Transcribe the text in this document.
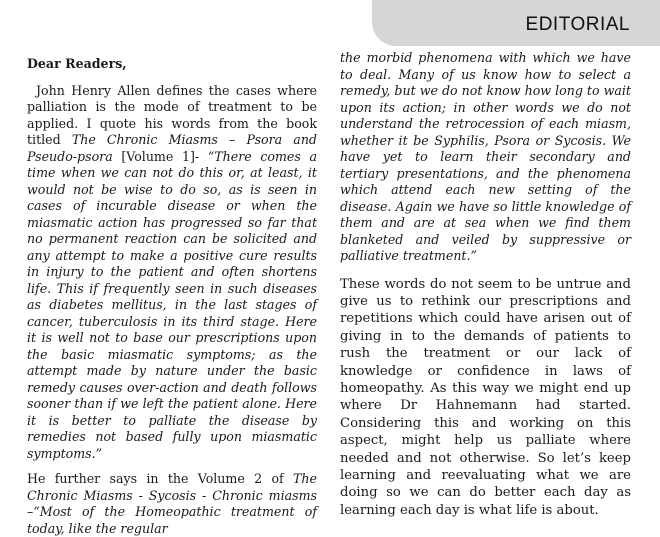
EDITORIAL

Dear Readers,

John Henry Allen defines the cases where palliation is the mode of treatment to be applied. I quote his words from the book titled The Chronic Miasms – Psora and Pseudo-psora [Volume 1]- “There comes a time when we can not do this or, at least, it would not be wise to do so, as is seen in cases of incurable disease or when the miasmatic action has progressed so far that no permanent reaction can be solicited and any attempt to make a positive cure results in injury to the patient and often shortens life. This if frequently seen in such diseases as diabetes mellitus, in the last stages of cancer, tuberculosis in its third stage. Here it is well not to base our prescriptions upon the basic miasmatic symptoms; as the attempt made by nature under the basic remedy causes over-action and death follows sooner than if we left the patient alone. Here it is better to palliate the disease by remedies not based fully upon miasmatic symptoms.”

He further says in the Volume 2 of The Chronic Miasms - Sycosis - Chronic miasms –“Most of the Homeopathic treatment of today, like the regular

the morbid phenomena with which we have to deal. Many of us know how to select a remedy, but we do not know how long to wait upon its action; in other words we do not understand the retrocession of each miasm, whether it be Syphilis, Psora or Sycosis. We have yet to learn their secondary and tertiary presentations, and the phenomena which attend each new setting of the disease. Again we have so little knowledge of them and are at sea when we find them blanketed and veiled by suppressive or palliative treatment.”

These words do not seem to be untrue and give us to rethink our prescriptions and repetitions which could have arisen out of giving in to the demands of patients to rush the treatment or our lack of knowledge or confidence in laws of homeopathy. As this way we might end up where Dr Hahnemann had started. Considering this and working on this aspect, might help us palliate where needed and not otherwise. So let’s keep learning and reevaluating what we are doing so we can do better each day as learning each day is what life is about.
